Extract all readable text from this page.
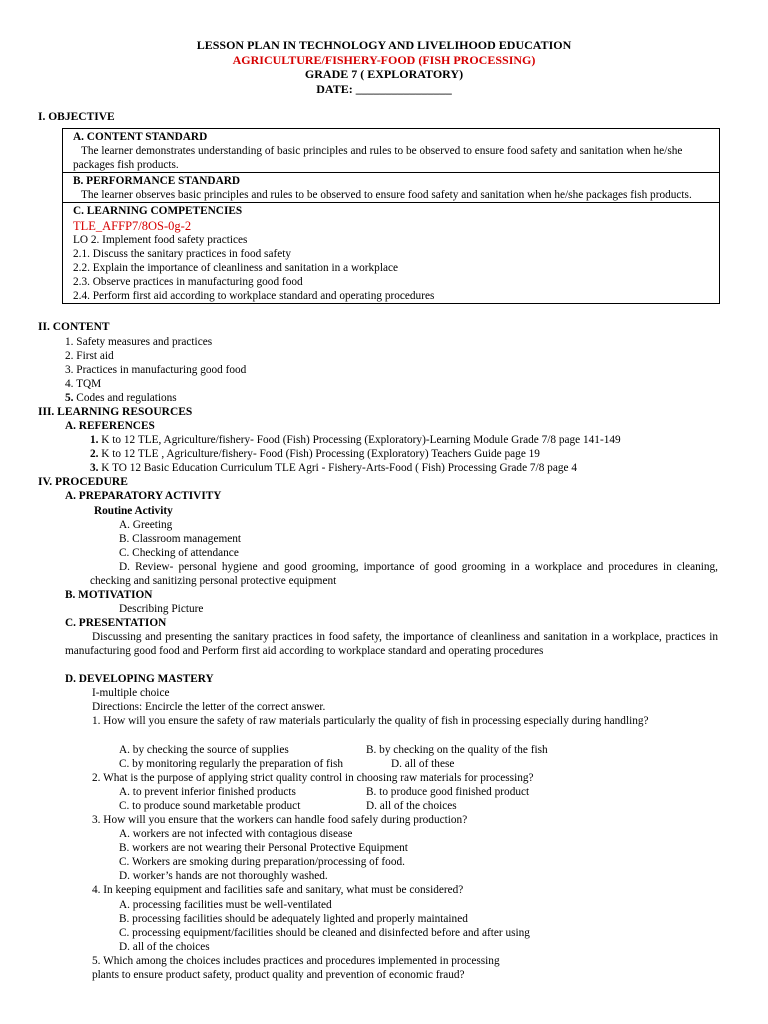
LESSON PLAN IN TECHNOLOGY AND LIVELIHOOD EDUCATION
AGRICULTURE/FISHERY-FOOD (FISH PROCESSING)
GRADE 7 ( EXPLORATORY)
DATE: ________________
I. OBJECTIVE
A. CONTENT STANDARD
The learner demonstrates understanding of basic principles and rules to be observed to ensure food safety and sanitation when he/she packages fish products.
B. PERFORMANCE STANDARD
The learner observes basic principles and rules to be observed to ensure food safety and sanitation when he/she packages fish products.
C. LEARNING COMPETENCIES
TLE_AFFP7/8OS-0g-2
LO 2. Implement food safety practices
2.1. Discuss the sanitary practices in food safety
2.2. Explain the importance of cleanliness and sanitation in a workplace
2.3. Observe practices in manufacturing good food
2.4. Perform first aid according to workplace standard and operating procedures
II. CONTENT
1. Safety measures and practices
2. First aid
3. Practices in manufacturing good food
4. TQM
5. Codes and regulations
III. LEARNING RESOURCES
A. REFERENCES
1. K to 12 TLE, Agriculture/fishery- Food (Fish) Processing (Exploratory)-Learning Module Grade 7/8 page 141-149
2. K to 12 TLE , Agriculture/fishery- Food (Fish) Processing (Exploratory) Teachers Guide page 19
3. K TO 12 Basic Education Curriculum TLE Agri - Fishery-Arts-Food ( Fish) Processing Grade 7/8 page 4
IV. PROCEDURE
A. PREPARATORY ACTIVITY
Routine Activity
A. Greeting
B. Classroom management
C. Checking of attendance
D. Review- personal hygiene and good grooming, importance of good grooming in a workplace and procedures in cleaning, checking and sanitizing personal protective equipment
B. MOTIVATION
Describing Picture
C. PRESENTATION
Discussing and presenting the sanitary practices in food safety, the importance of cleanliness and sanitation in a workplace, practices in manufacturing good food and Perform first aid according to workplace standard and operating procedures
D. DEVELOPING MASTERY
I-multiple choice
Directions: Encircle the letter of the correct answer.
1. How will you ensure the safety of raw materials particularly the quality of fish in processing especially during handling?
A. by checking the source of supplies	B. by checking on the quality of the fish
C. by monitoring regularly the preparation of fish	D. all of these
2. What is the purpose of applying strict quality control in choosing raw materials for processing?
A. to prevent inferior finished products	B. to produce good finished product
C. to produce sound marketable product	D. all of the choices
3. How will you ensure that the workers can handle food safely during production?
A. workers are not infected with contagious disease
B. workers are not wearing their Personal Protective Equipment
C. Workers are smoking during preparation/processing of food.
D. worker’s hands are not thoroughly washed.
4. In keeping equipment and facilities safe and sanitary, what must be considered?
A. processing facilities must be well-ventilated
B. processing facilities should be adequately lighted and properly maintained
C. processing equipment/facilities should be cleaned and disinfected before and after using
D. all of the choices
5. Which among the choices includes practices and procedures implemented in processing
plants to ensure product safety, product quality and prevention of economic fraud?
